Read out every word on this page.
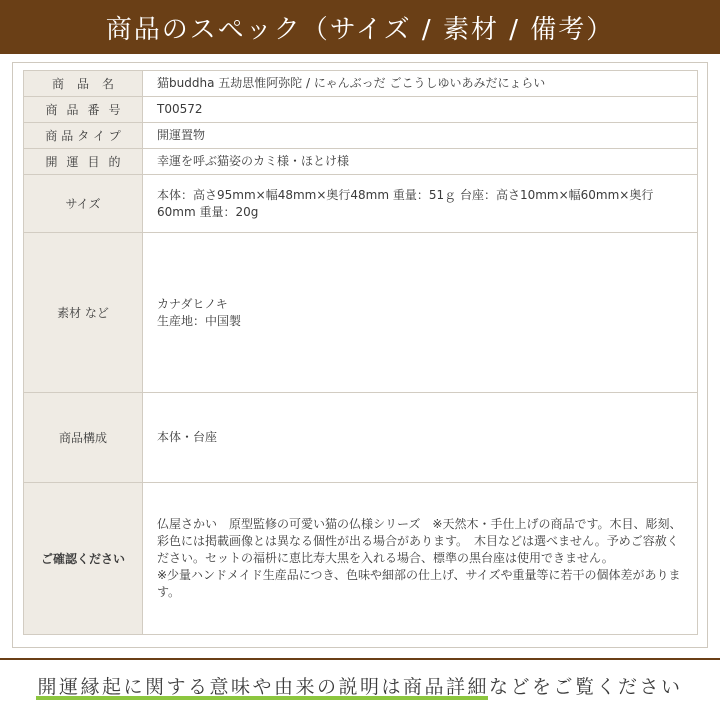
商品のスペック（サイズ / 素材 / 備考）
商品名	猫buddha 五劫思惟阿弥陀 / にゃんぶっだ ごこうしゆいあみだにょらい
商品番号	T00572
商品タイプ	開運置物
開運目的	幸運を呼ぶ猫姿のカミ様・ほとけ様
サイズ	本体：高さ95mm×幅48mm×奥行48mm 重量：51ｇ 台座：高さ10mm×幅60mm×奥行60mm 重量：20g
素材 など	カナダヒノキ
生産地：中国製

商品構成	本体・台座
ご確認ください	仏屋さかい　原型監修の可愛い猫の仏様シリーズ　※天然木・手仕上げの商品です。木目、彫刻、彩色には掲載画像とは異なる個性が出る場合があります。　木目などは選べません。予めご容赦ください。セットの福枡に恵比寿大黒を入れる場合、標準の黒台座は使用できません。

※少量ハンドメイド生産品につき、色味や細部の仕上げ、サイズや重量等に若干の個体差があります。

開運縁起に関する意味や由来の説明は商品詳細などをご覧ください
